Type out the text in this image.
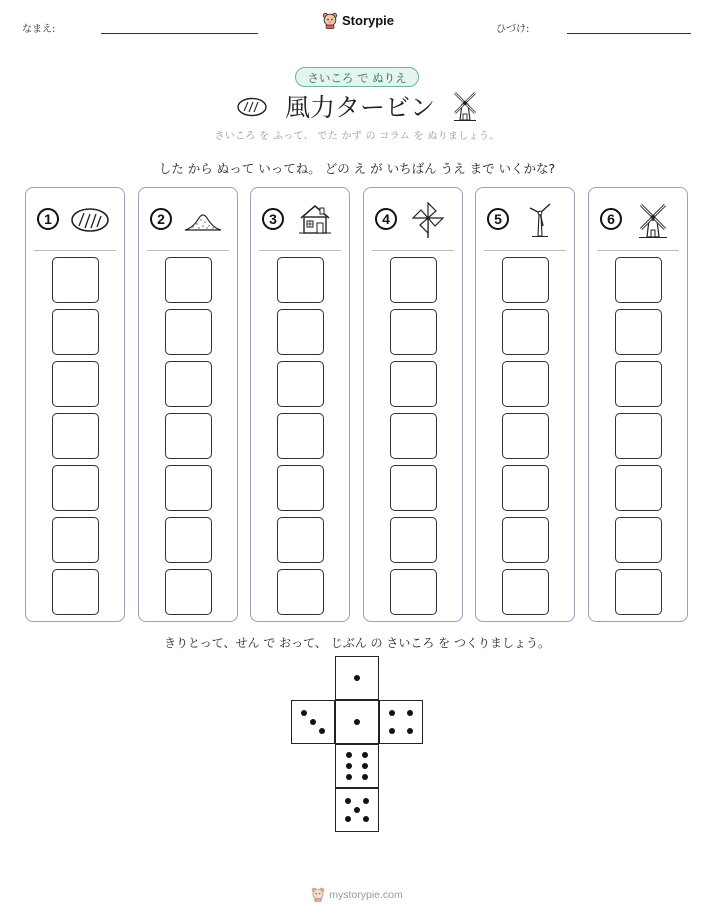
なまえ:
Storypie
ひづけ:
さいころ で ぬりえ
風力タービン
さいころ を ふって、 でた かず の コラム を ぬりましょう。
した から ぬって いってね。 どの え が いちばん うえ まで いくかな?
1	2	3	4	5	6
きりとって、せん で おって、 じぶん の さいころ を つくりましょう。
mystorypie.com
